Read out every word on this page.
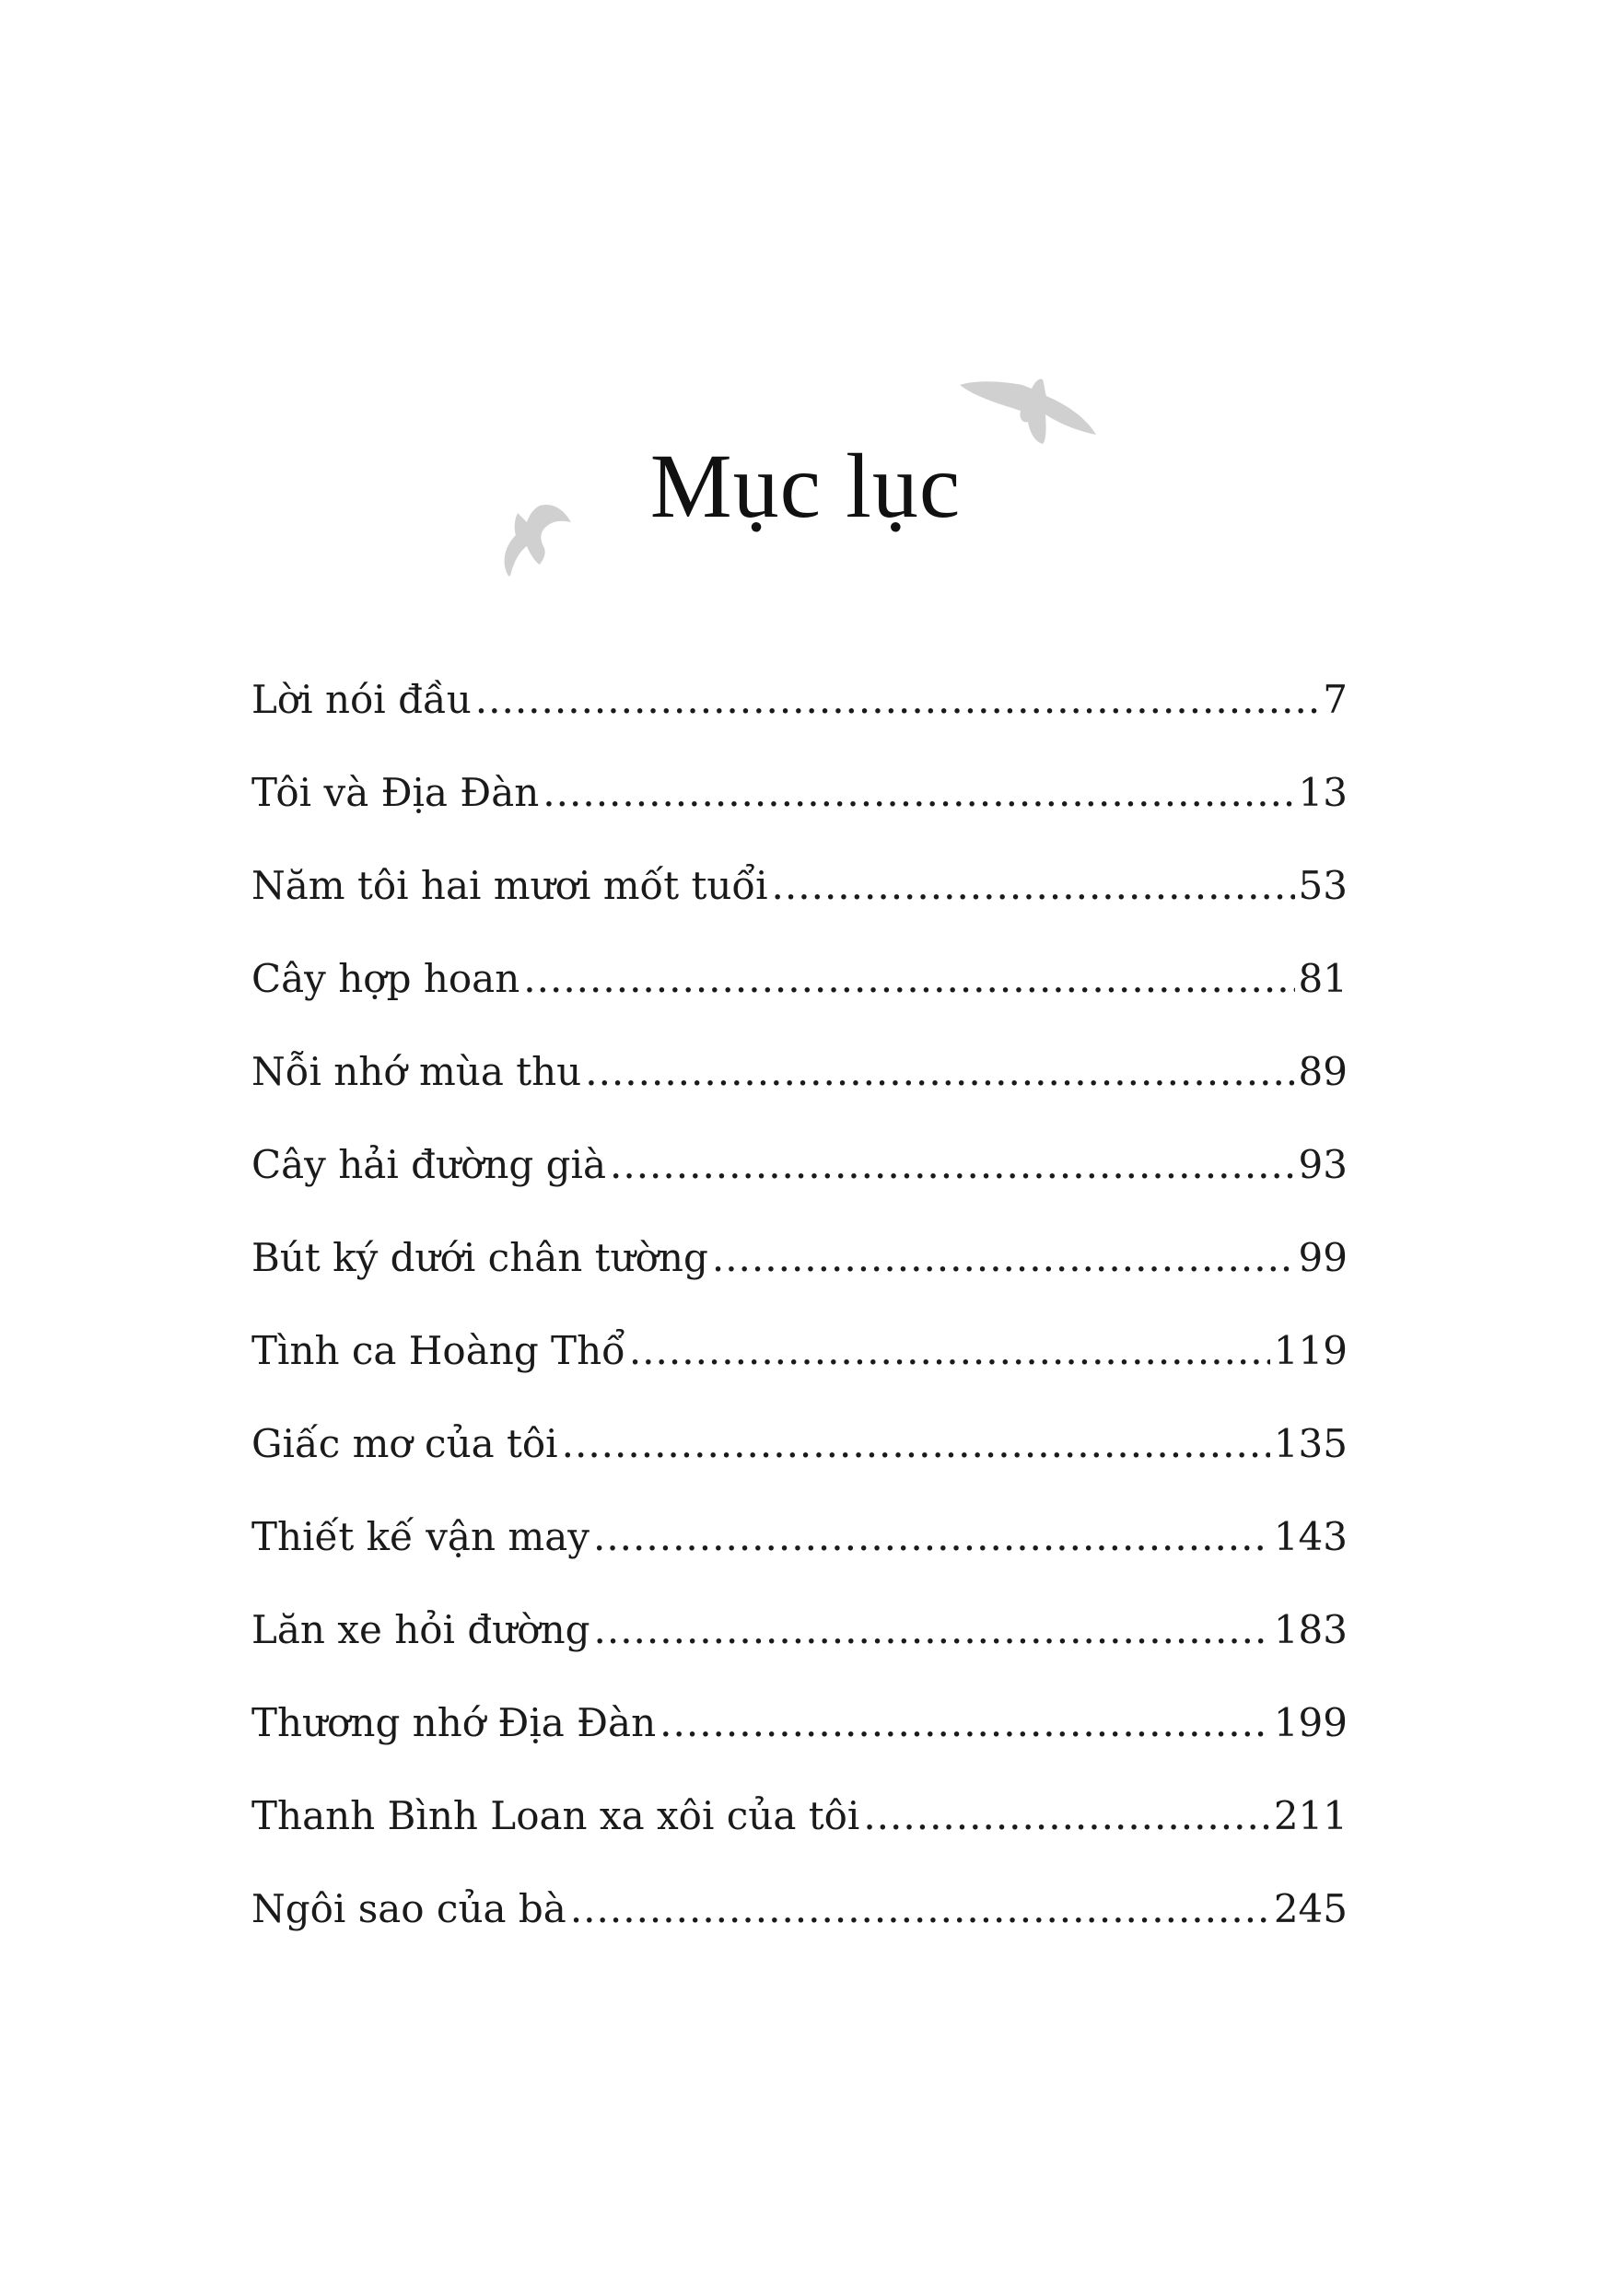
Mục lục
Lời nói đầu .....	7
Tôi và Địa Đàn .....	13
Năm tôi hai mươi mốt tuổi .....	53
Cây hợp hoan .....	81
Nỗi nhớ mùa thu .....	89
Cây hải đường già .....	93
Bút ký dưới chân tường .....	99
Tình ca Hoàng Thổ .....	119
Giấc mơ của tôi .....	135
Thiết kế vận may .....	143
Lăn xe hỏi đường .....	183
Thương nhớ Địa Đàn .....	199
Thanh Bình Loan xa xôi của tôi .....	211
Ngôi sao của bà .....	245
